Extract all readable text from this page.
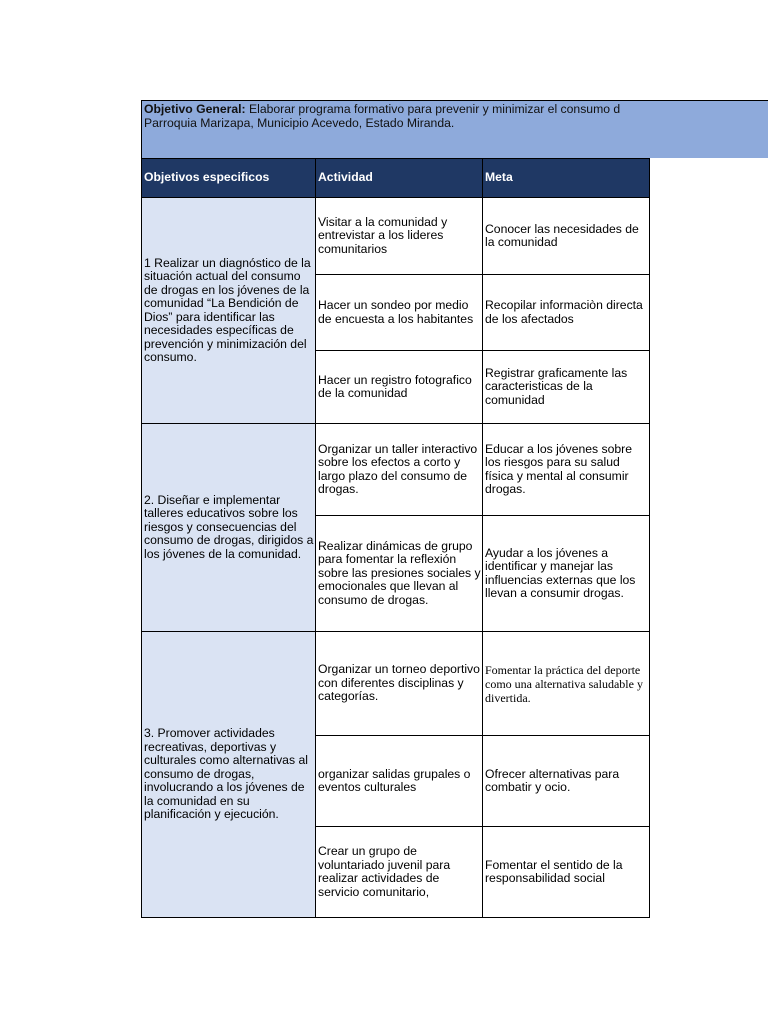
Objetivo General: Elaborar programa formativo para prevenir y minimizar el consumo d
Parroquia Marizapa, Municipio Acevedo, Estado Miranda.
Objetivos especificos	Actividad	Meta
1 Realizar un diagnóstico de la situación actual del consumo de drogas en los jóvenes de la comunidad “La Bendición de Dios” para identificar las necesidades específicas de prevención y minimización del consumo.	Visitar a la comunidad y entrevistar a los lideres comunitarios	Conocer las necesidades de la comunidad
	Hacer un sondeo por medio de encuesta a los habitantes	Recopilar informaciòn directa de los afectados
	Hacer un registro fotografico de la comunidad	Registrar graficamente las caracteristicas de la comunidad
2. Diseñar e implementar talleres educativos sobre los riesgos y consecuencias del consumo de drogas, dirigidos a los jóvenes de la comunidad.	Organizar un taller interactivo sobre los efectos a corto y largo plazo del consumo de drogas.	Educar a los jóvenes sobre los riesgos para su salud física y mental al consumir drogas.
	Realizar dinámicas de grupo para fomentar la reflexión sobre las presiones sociales y emocionales que llevan al consumo de drogas.	Ayudar a los jóvenes a identificar y manejar las influencias externas que los llevan a consumir drogas.
3. Promover actividades recreativas, deportivas y culturales como alternativas al consumo de drogas, involucrando a los jóvenes de la comunidad en su planificación y ejecución.	Organizar un torneo deportivo con diferentes disciplinas y categorías.	Fomentar la práctica del deporte como una alternativa saludable y divertida.
	organizar salidas grupales o eventos culturales	Ofrecer alternativas para combatir y ocio.
	Crear un grupo de voluntariado juvenil para realizar actividades de servicio comunitario,	Fomentar el sentido de la responsabilidad social
